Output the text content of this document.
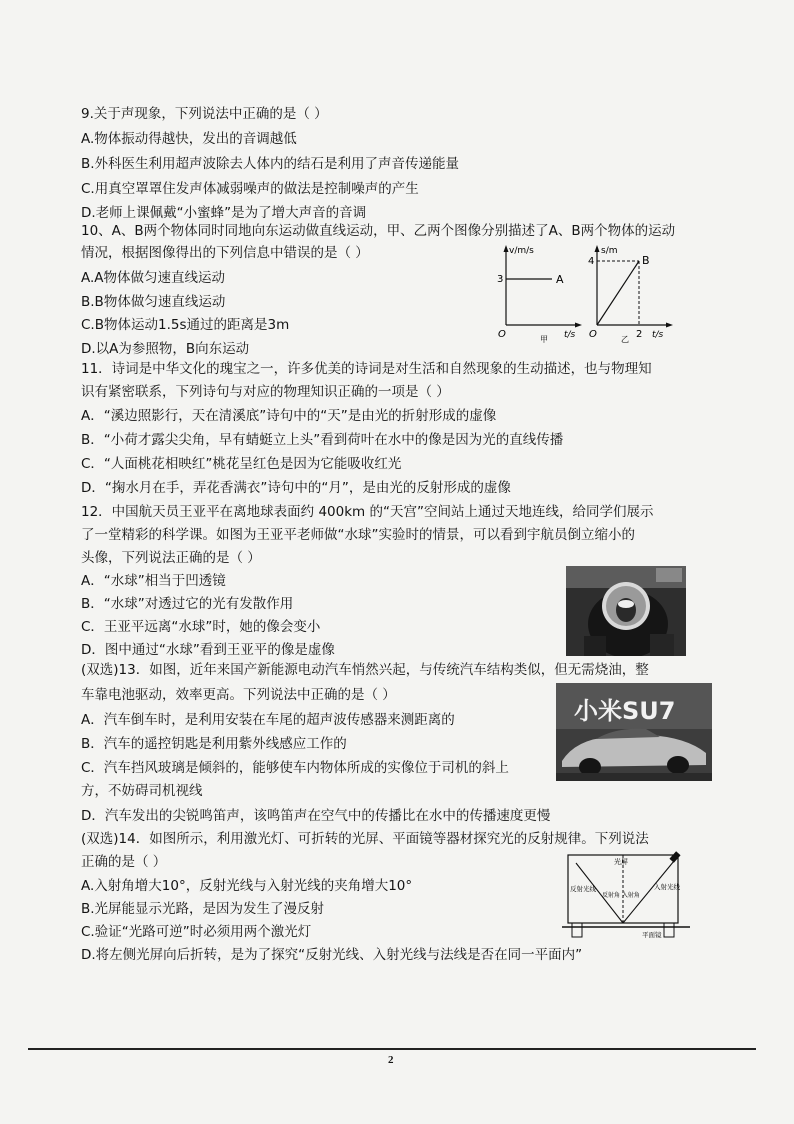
9.关于声现象，下列说法中正确的是（ ）
A.物体振动得越快，发出的音调越低
B.外科医生利用超声波除去人体内的结石是利用了声音传递能量
C.用真空罩罩住发声体减弱噪声的做法是控制噪声的产生
D.老师上课佩戴“小蜜蜂”是为了增大声音的音调
10、A、B两个物体同时同地向东运动做直线运动，甲、乙两个图像分别描述了A、B两个物体的运动
情况，根据图像得出的下列信息中错误的是（ ）
A.A物体做匀速直线运动
B.B物体做匀速直线运动
C.B物体运动1.5s通过的距离是3m
D.以A为参照物，B向东运动
v/m/s
3	A
O	t/s
甲
s/m
4	B
O	2 t/s
乙
11．诗词是中华文化的瑰宝之一，许多优美的诗词是对生活和自然现象的生动描述，也与物理知
识有紧密联系，下列诗句与对应的物理知识正确的一项是（ ）
A．“溪边照影行，天在清溪底”诗句中的“天”是由光的折射形成的虚像
B．“小荷才露尖尖角，早有蜻蜓立上头”看到荷叶在水中的像是因为光的直线传播
C．“人面桃花相映红”桃花呈红色是因为它能吸收红光
D．“掬水月在手，弄花香满衣”诗句中的“月”，是由光的反射形成的虚像
12．中国航天员王亚平在离地球表面约 400km 的“天宫”空间站上通过天地连线，给同学们展示
了一堂精彩的科学课。如图为王亚平老师做“水球”实验时的情景，可以看到宇航员倒立缩小的
头像，下列说法正确的是（ ）
A．“水球”相当于凹透镜
B．“水球”对透过它的光有发散作用
C．王亚平远离“水球”时，她的像会变小
D．图中通过“水球”看到王亚平的像是虚像
(双选)13．如图，近年来国产新能源电动汽车悄然兴起，与传统汽车结构类似，但无需烧油，整
车靠电池驱动，效率更高。下列说法中正确的是（ ）
A．汽车倒车时，是利用安装在车尾的超声波传感器来测距离的
B．汽车的遥控钥匙是利用紫外线感应工作的
C．汽车挡风玻璃是倾斜的，能够使车内物体所成的实像位于司机的斜上
方，不妨碍司机视线
D．汽车发出的尖锐鸣笛声，该鸣笛声在空气中的传播比在水中的传播速度更慢
小米SU7
(双选)14．如图所示，利用激光灯、可折转的光屏、平面镜等器材探究光的反射规律。下列说法
正确的是（ ）
A.入射角增大10°，反射光线与入射光线的夹角增大10°
B.光屏能显示光路，是因为发生了漫反射
C.验证“光路可逆”时必须用两个激光灯
D.将左侧光屏向后折转，是为了探究“反射光线、入射光线与法线是否在同一平面内”
光屏
反射光线	入射光线
反射角 入射角
平面镜
2
